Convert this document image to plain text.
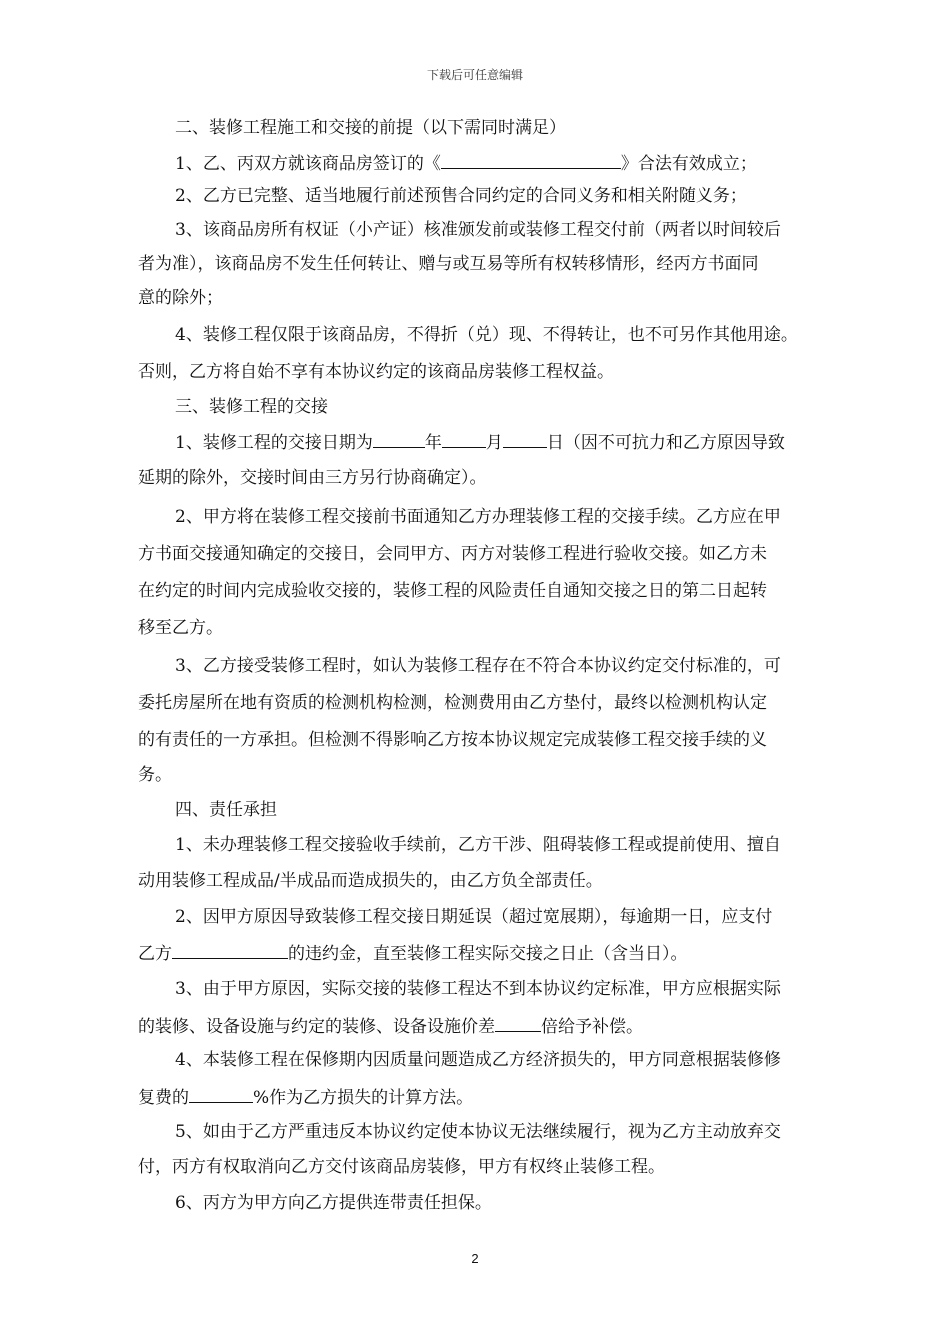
下载后可任意编辑
二、装修工程施工和交接的前提（以下需同时满足）
1、乙、丙双方就该商品房签订的《	》合法有效成立；
2、乙方已完整、适当地履行前述预售合同约定的合同义务和相关附随义务；
3、该商品房所有权证（小产证）核准颁发前或装修工程交付前（两者以时间较后
者为准），该商品房不发生任何转让、赠与或互易等所有权转移情形，经丙方书面同
意的除外；
4、装修工程仅限于该商品房，不得折（兑）现、不得转让，也不可另作其他用途。
否则，乙方将自始不享有本协议约定的该商品房装修工程权益。
三、装修工程的交接
1、装修工程的交接日期为	年	月	日（因不可抗力和乙方原因导致
延期的除外，交接时间由三方另行协商确定）。
2、甲方将在装修工程交接前书面通知乙方办理装修工程的交接手续。乙方应在甲
方书面交接通知确定的交接日，会同甲方、丙方对装修工程进行验收交接。如乙方未
在约定的时间内完成验收交接的，装修工程的风险责任自通知交接之日的第二日起转
移至乙方。
3、乙方接受装修工程时，如认为装修工程存在不符合本协议约定交付标准的，可
委托房屋所在地有资质的检测机构检测，检测费用由乙方垫付，最终以检测机构认定
的有责任的一方承担。但检测不得影响乙方按本协议规定完成装修工程交接手续的义
务。
四、责任承担
1、未办理装修工程交接验收手续前，乙方干涉、阻碍装修工程或提前使用、擅自
动用装修工程成品/半成品而造成损失的，由乙方负全部责任。
2、因甲方原因导致装修工程交接日期延误（超过宽展期），每逾期一日，应支付
乙方	的违约金，直至装修工程实际交接之日止（含当日）。
3、由于甲方原因，实际交接的装修工程达不到本协议约定标准，甲方应根据实际
的装修、设备设施与约定的装修、设备设施价差	倍给予补偿。
4、本装修工程在保修期内因质量问题造成乙方经济损失的，甲方同意根据装修修
复费的	%作为乙方损失的计算方法。
5、如由于乙方严重违反本协议约定使本协议无法继续履行，视为乙方主动放弃交
付，丙方有权取消向乙方交付该商品房装修，甲方有权终止装修工程。
6、丙方为甲方向乙方提供连带责任担保。
2
